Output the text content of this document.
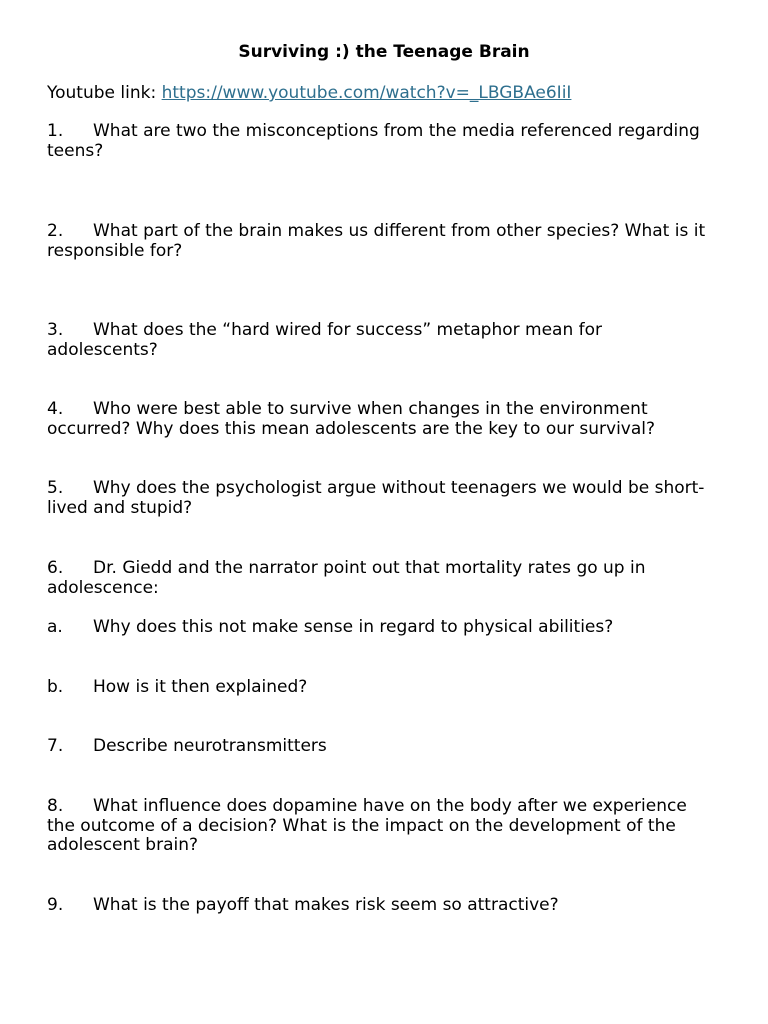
Surviving :) the Teenage Brain
Youtube link: https://www.youtube.com/watch?v=_LBGBAe6IiI
1. What are two the misconceptions from the media referenced regarding teens?
2. What part of the brain makes us different from other species? What is it responsible for?
3. What does the “hard wired for success” metaphor mean for adolescents?
4. Who were best able to survive when changes in the environment occurred? Why does this mean adolescents are the key to our survival?
5. Why does the psychologist argue without teenagers we would be short-lived and stupid?
6. Dr. Giedd and the narrator point out that mortality rates go up in adolescence:
a. Why does this not make sense in regard to physical abilities?
b. How is it then explained?
7. Describe neurotransmitters
8. What influence does dopamine have on the body after we experience the outcome of a decision? What is the impact on the development of the adolescent brain?
9. What is the payoff that makes risk seem so attractive?
